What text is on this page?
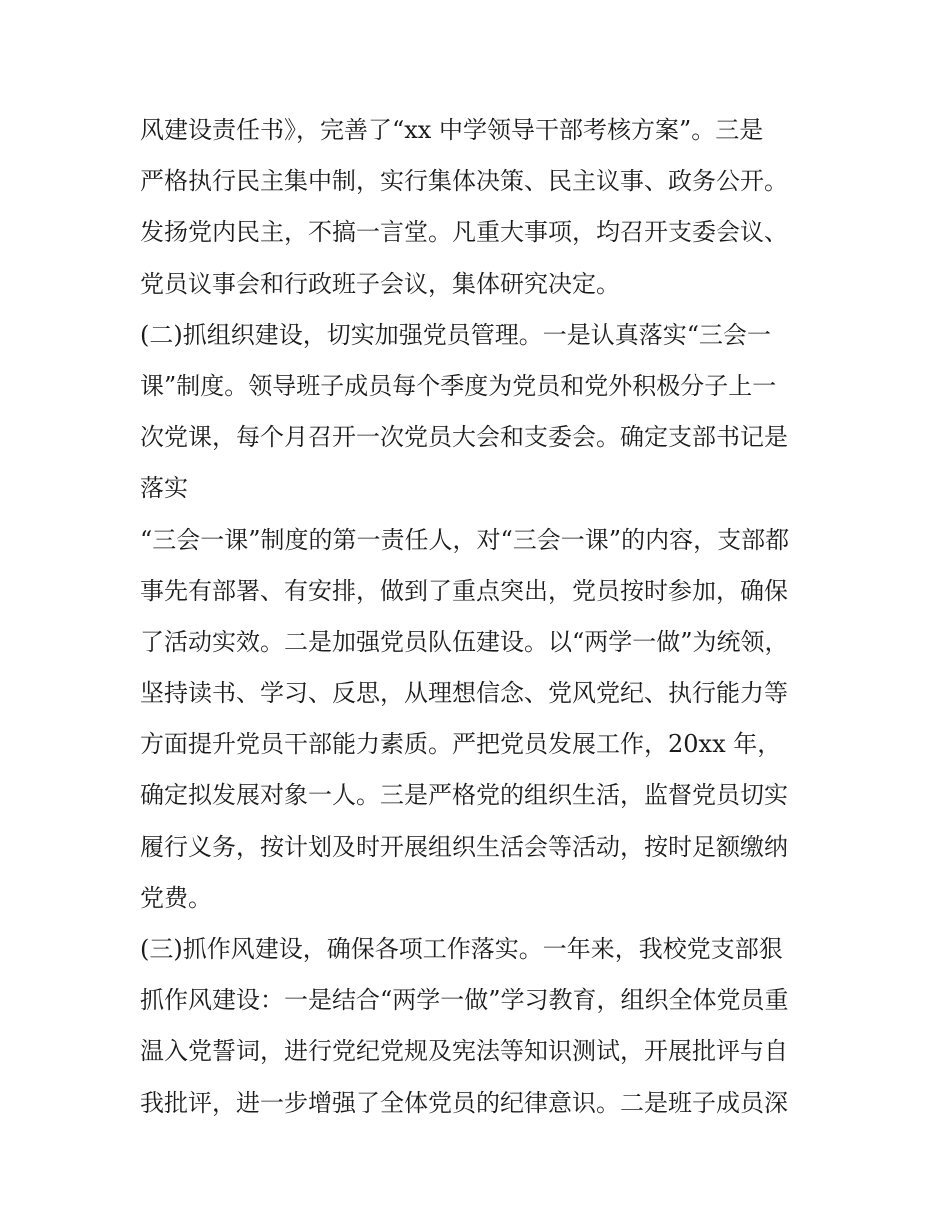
风建设责任书》，完善了“xx 中学领导干部考核方案”。三是
严格执行民主集中制，实行集体决策、民主议事、政务公开。
发扬党内民主，不搞一言堂。凡重大事项，均召开支委会议、
党员议事会和行政班子会议，集体研究决定。
(二)抓组织建设，切实加强党员管理。一是认真落实“三会一
课”制度。领导班子成员每个季度为党员和党外积极分子上一
次党课，每个月召开一次党员大会和支委会。确定支部书记是
落实
“三会一课”制度的第一责任人，对“三会一课”的内容，支部都
事先有部署、有安排，做到了重点突出，党员按时参加，确保
了活动实效。二是加强党员队伍建设。以“两学一做”为统领，
坚持读书、学习、反思，从理想信念、党风党纪、执行能力等
方面提升党员干部能力素质。严把党员发展工作，20xx 年，
确定拟发展对象一人。三是严格党的组织生活，监督党员切实
履行义务，按计划及时开展组织生活会等活动，按时足额缴纳
党费。
(三)抓作风建设，确保各项工作落实。一年来，我校党支部狠
抓作风建设：一是结合“两学一做”学习教育，组织全体党员重
温入党誓词，进行党纪党规及宪法等知识测试，开展批评与自
我批评，进一步增强了全体党员的纪律意识。二是班子成员深
